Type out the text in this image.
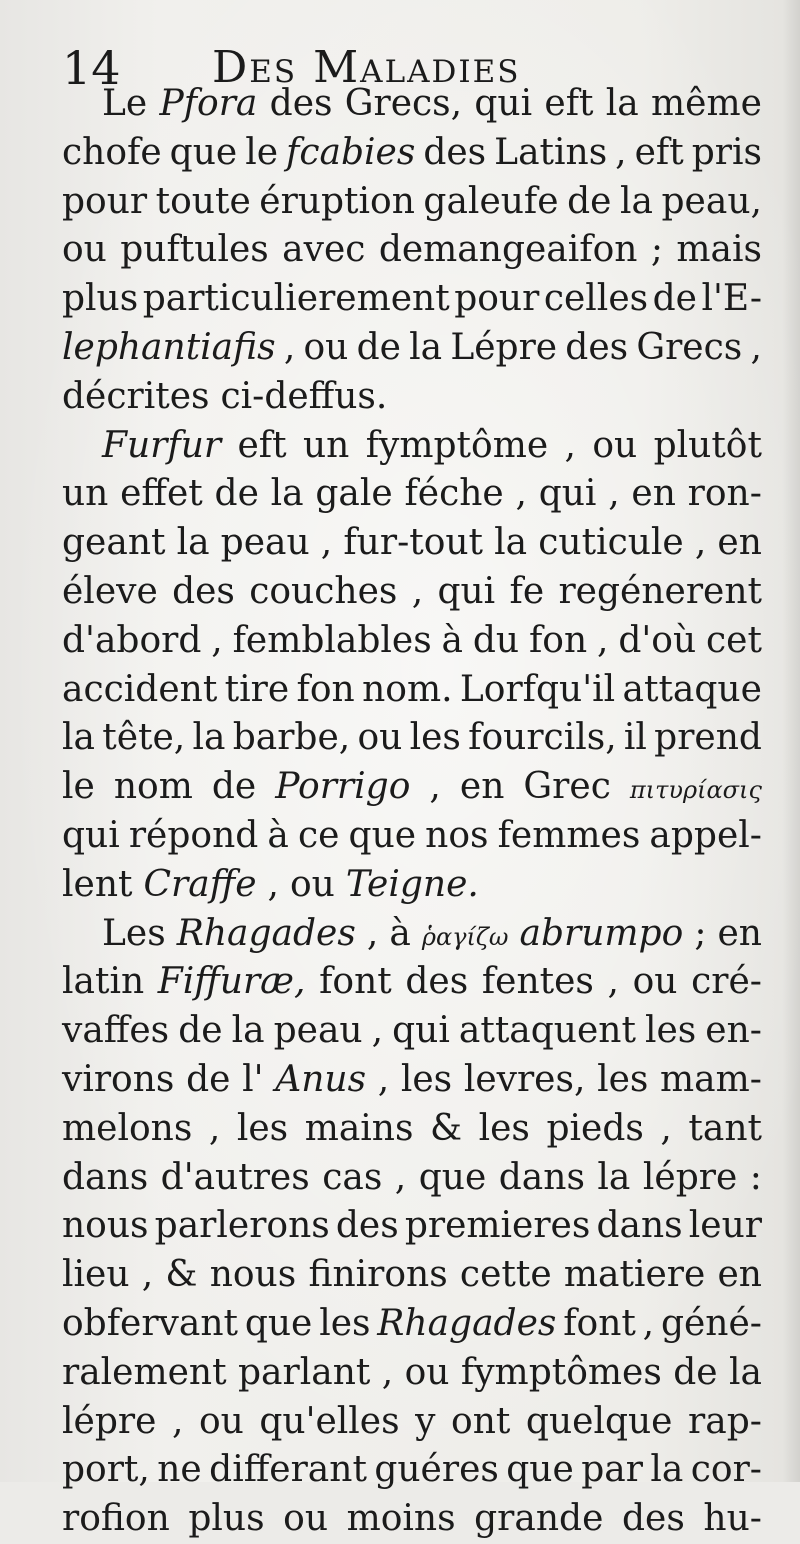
14 Des Maladies
Le Pfora des Grecs, qui eft la même
chofe que le fcabies des Latins , eft pris
pour toute éruption galeufe de la peau,
ou puftules avec demangeaifon ; mais
plus particulierement pour celles de l'E-
lephantiafis , ou de la Lépre des Grecs ,
décrites ci-deffus.
Furfur eft un fymptôme , ou plutôt
un effet de la gale féche , qui , en ron-
geant la peau , fur-tout la cuticule , en
éleve des couches , qui fe regénerent
d'abord , femblables à du fon , d'où cet
accident tire fon nom. Lorfqu'il attaque
la tête, la barbe, ou les fourcils, il prend
le nom de Porrigo , en Grec πιτυρίασις
qui répond à ce que nos femmes appel-
lent Craffe , ou Teigne.
Les Rhagades , à ῥαγίζω abrumpo ; en
latin Fiffuræ, font des fentes , ou cré-
vaffes de la peau , qui attaquent les en-
virons de l' Anus , les levres, les mam-
melons , les mains & les pieds , tant
dans d'autres cas , que dans la lépre :
nous parlerons des premieres dans leur
lieu , & nous finirons cette matiere en
obfervant que les Rhagades font , géné-
ralement parlant , ou fymptômes de la
lépre , ou qu'elles y ont quelque rap-
port, ne differant guéres que par la cor-
rofion plus ou moins grande des hu-
